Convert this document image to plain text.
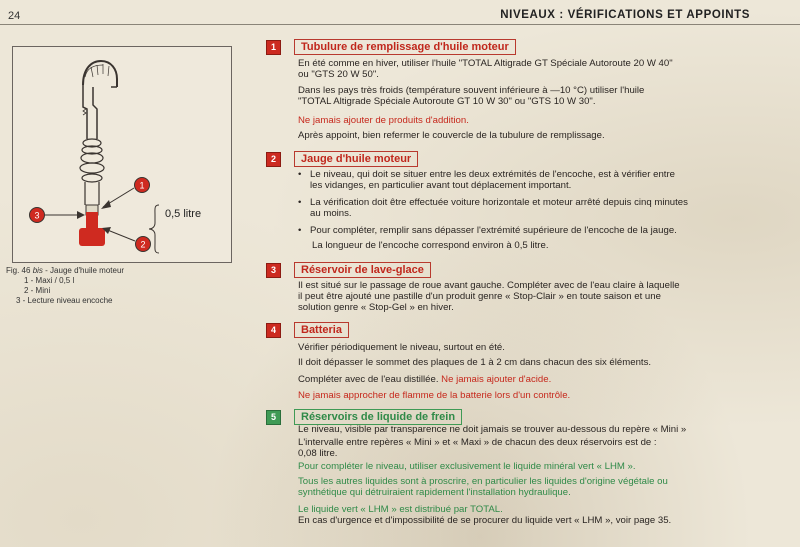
24	NIVEAUX : VÉRIFICATIONS ET APPOINTS
1
2
3	0,5 litre
Fig. 46 bis - Jauge d'huile moteur
1 - Maxi / 0,5 l
2 - Mini
3 - Lecture niveau encoche
1	Tubulure de remplissage d'huile moteur
En été comme en hiver, utiliser l'huile "TOTAL Altigrade GT Spéciale Autoroute 20 W 40"
ou "GTS 20 W 50".
Dans les pays très froids (température souvent inférieure à —10 °C) utiliser l'huile
"TOTAL Altigrade Spéciale Autoroute GT 10 W 30" ou "GTS 10 W 30".
Ne jamais ajouter de produits d'addition.
Après appoint, bien refermer le couvercle de la tubulure de remplissage.
2	Jauge d'huile moteur
• Le niveau, qui doit se situer entre les deux extrémités de l'encoche, est à vérifier entre
les vidanges, en particulier avant tout déplacement important.
• La vérification doit être effectuée voiture horizontale et moteur arrêté depuis cinq minutes
au moins.
• Pour compléter, remplir sans dépasser l'extrémité supérieure de l'encoche de la jauge.
La longueur de l'encoche correspond environ à 0,5 litre.
3	Réservoir de lave-glace
Il est situé sur le passage de roue avant gauche. Compléter avec de l'eau claire à laquelle
il peut être ajouté une pastille d'un produit genre « Stop-Clair » en toute saison et une
solution genre « Stop-Gel » en hiver.
4	Batteria
Vérifier périodiquement le niveau, surtout en été.
Il doit dépasser le sommet des plaques de 1 à 2 cm dans chacun des six éléments.
Compléter avec de l'eau distillée. Ne jamais ajouter d'acide.
Ne jamais approcher de flamme de la batterie lors d'un contrôle.
5	Réservoirs de liquide de frein
Le niveau, visible par transparence ne doit jamais se trouver au-dessous du repère « Mini »
L'intervalle entre repères « Mini » et « Maxi » de chacun des deux réservoirs est de :
0,08 litre.
Pour compléter le niveau, utiliser exclusivement le liquide minéral vert « LHM ».
Tous les autres liquides sont à proscrire, en particulier les liquides d'origine végétale ou
synthétique qui détruiraient rapidement l'installation hydraulique.
Le liquide vert « LHM » est distribué par TOTAL.
En cas d'urgence et d'impossibilité de se procurer du liquide vert « LHM », voir page 35.
